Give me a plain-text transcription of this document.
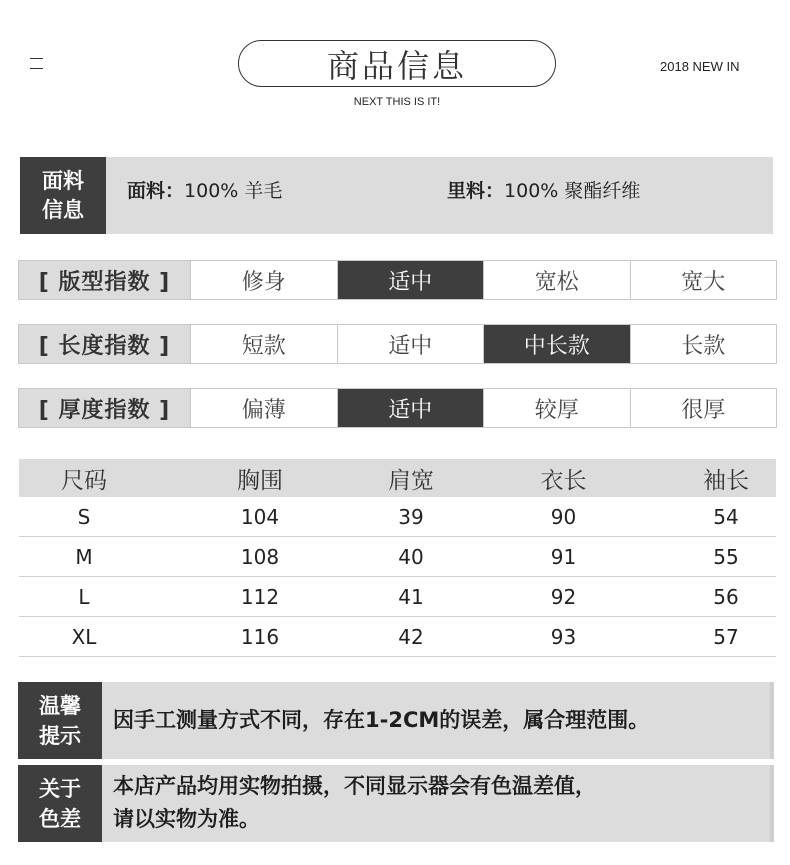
商品信息
NEXT THIS IS IT!
2018 NEW IN
面料
信息
面料：100% 羊毛	里料：100% 聚酯纤维
[ 版型指数 ]	修身	适中	宽松	宽大
[ 长度指数 ]	短款	适中	中长款	长款
[ 厚度指数 ]	偏薄	适中	较厚	很厚
尺码	胸围	肩宽	衣长	袖长
S	104	39	90	54
M	108	40	91	55
L	112	41	92	56
XL	116	42	93	57
温馨
提示
因手工测量方式不同，存在1-2CM的误差，属合理范围。
关于
色差
本店产品均用实物拍摄，不同显示器会有色温差值，
请以实物为准。
